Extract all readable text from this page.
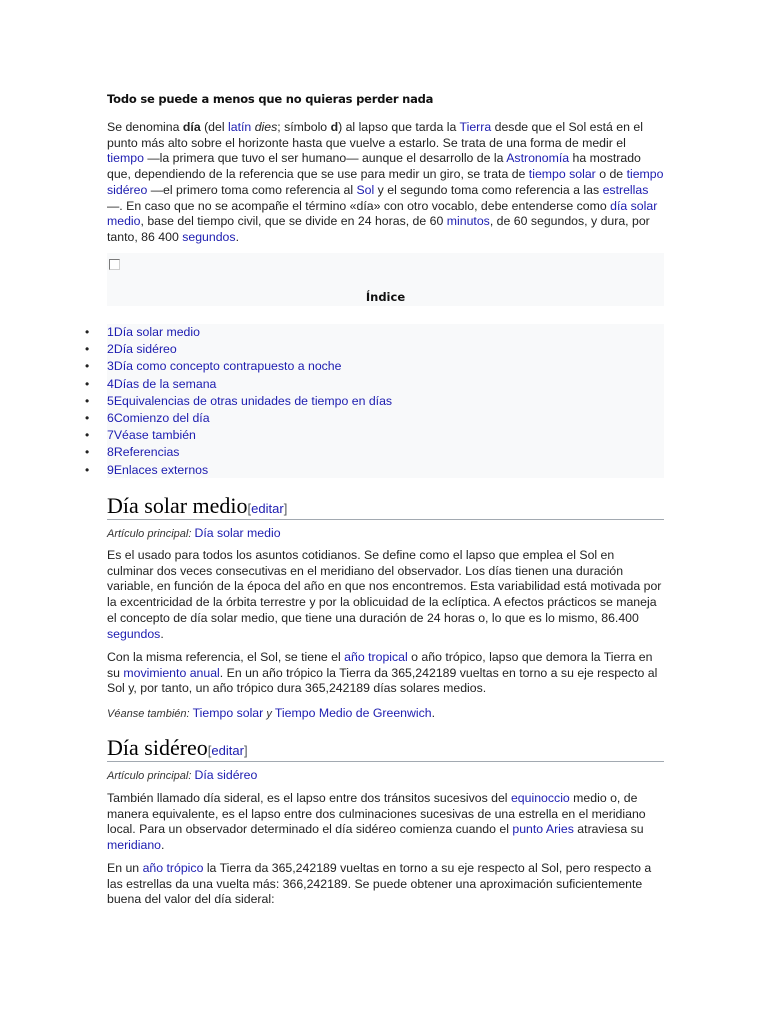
Todo se puede a menos que no quieras perder nada

Se denomina día (del latín dies; símbolo d) al lapso que tarda la Tierra desde que el Sol está en el punto más alto sobre el horizonte hasta que vuelve a estarlo. Se trata de una forma de medir el tiempo —la primera que tuvo el ser humano— aunque el desarrollo de la Astronomía ha mostrado que, dependiendo de la referencia que se use para medir un giro, se trata de tiempo solar o de tiempo sidéreo —el primero toma como referencia al Sol y el segundo toma como referencia a las estrellas—. En caso que no se acompañe el término «día» con otro vocablo, debe entenderse como día solar medio, base del tiempo civil, que se divide en 24 horas, de 60 minutos, de 60 segundos, y dura, por tanto, 86 400 segundos.

Índice
• 1Día solar medio
• 2Día sidéreo
• 3Día como concepto contrapuesto a noche
• 4Días de la semana
• 5Equivalencias de otras unidades de tiempo en días
• 6Comienzo del día
• 7Véase también
• 8Referencias
• 9Enlaces externos
Día solar medio[editar]
Artículo principal: Día solar medio

Es el usado para todos los asuntos cotidianos. Se define como el lapso que emplea el Sol en culminar dos veces consecutivas en el meridiano del observador. Los días tienen una duración variable, en función de la época del año en que nos encontremos. Esta variabilidad está motivada por la excentricidad de la órbita terrestre y por la oblicuidad de la eclíptica. A efectos prácticos se maneja el concepto de día solar medio, que tiene una duración de 24 horas o, lo que es lo mismo, 86.400 segundos.

Con la misma referencia, el Sol, se tiene el año tropical o año trópico, lapso que demora la Tierra en su movimiento anual. En un año trópico la Tierra da 365,242189 vueltas en torno a su eje respecto al Sol y, por tanto, un año trópico dura 365,242189 días solares medios.

Véanse también: Tiempo solar y Tiempo Medio de Greenwich.
Día sidéreo[editar]
Artículo principal: Día sidéreo

También llamado día sideral, es el lapso entre dos tránsitos sucesivos del equinoccio medio o, de manera equivalente, es el lapso entre dos culminaciones sucesivas de una estrella en el meridiano local. Para un observador determinado el día sidéreo comienza cuando el punto Aries atraviesa su meridiano.

En un año trópico la Tierra da 365,242189 vueltas en torno a su eje respecto al Sol, pero respecto a las estrellas da una vuelta más: 366,242189. Se puede obtener una aproximación suficientemente buena del valor del día sideral:
